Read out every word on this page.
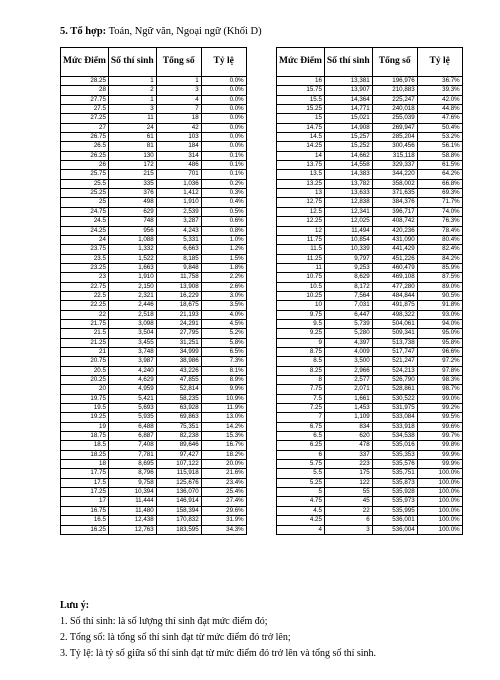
5. Tổ hợp: Toán, Ngữ văn, Ngoại ngữ (Khối D)
Mức Điểm	Số thí sinh	Tổng số	Tỷ lệ
28.25	1	1	0.0%
28	2	3	0.0%
27.75	1	4	0.0%
27.5	3	7	0.0%
27.25	11	18	0.0%
27	24	42	0.0%
26.75	61	103	0.0%
26.5	81	184	0.0%
26.25	130	314	0.1%
26	172	486	0.1%
25.75	215	701	0.1%
25.5	335	1,036	0.2%
25.25	376	1,412	0.3%
25	498	1,910	0.4%
24.75	629	2,539	0.5%
24.5	748	3,287	0.6%
24.25	956	4,243	0.8%
24	1,088	5,331	1.0%
23.75	1,332	6,663	1.2%
23.5	1,522	8,185	1.5%
23.25	1,663	9,848	1.8%
23	1,910	11,758	2.2%
22.75	2,150	13,908	2.6%
22.5	2,321	16,229	3.0%
22.25	2,446	18,675	3.5%
22	2,518	21,193	4.0%
21.75	3,098	24,291	4.5%
21.5	3,504	27,795	5.2%
21.25	3,455	31,251	5.8%
21	3,748	34,999	6.5%
20.75	3,987	38,986	7.3%
20.5	4,240	43,226	8.1%
20.25	4,629	47,855	8.9%
20	4,959	52,814	9.9%
19.75	5,421	58,235	10.9%
19.5	5,693	63,928	11.9%
19.25	5,935	69,863	13.0%
19	6,488	75,351	14.2%
18.75	6,887	82,238	15.3%
18.5	7,408	89,646	16.7%
18.25	7,781	97,427	18.2%
18	8,695	107,122	20.0%
17.75	8,796	115,918	21.6%
17.5	9,758	125,676	23.4%
17.25	10,394	136,070	25.4%
17	11,444	146,914	27.4%
16.75	11,480	158,394	29.6%
16.5	12,438	170,832	31.9%
16.25	12,763	183,595	34.3%
Mức Điểm	Số thí sinh	Tổng số	Tỷ lệ
16	13,381	196,976	36.7%
15.75	13,907	210,883	39.3%
15.5	14,364	225,247	42.0%
15.25	14,771	240,018	44.8%
15	15,021	255,039	47.6%
14.75	14,908	269,947	50.4%
14.5	15,257	285,204	53.2%
14.25	15,252	300,456	56.1%
14	14,662	315,118	58.8%
13.75	14,558	329,337	61.5%
13.5	14,383	344,220	64.2%
13.25	13,782	358,002	66.8%
13	13,633	371,635	69.3%
12.75	12,838	384,376	71.7%
12.5	12,341	396,717	74.0%
12.25	12,025	408,742	76.3%
12	11,494	420,236	78.4%
11.75	10,854	431,090	80.4%
11.5	10,339	441,429	82.4%
11.25	9,797	451,226	84.2%
11	9,253	460,479	85.9%
10.75	8,629	469,108	87.5%
10.5	8,172	477,280	89.0%
10.25	7,564	484,844	90.5%
10	7,031	491,875	91.8%
9.75	6,447	498,322	93.0%
9.5	5,739	504,061	94.0%
9.25	5,280	509,341	95.0%
9	4,397	513,738	95.8%
8.75	4,009	517,747	96.6%
8.5	3,500	521,247	97.2%
8.25	2,966	524,213	97.8%
8	2,577	526,790	98.3%
7.75	2,071	528,861	98.7%
7.5	1,661	530,522	99.0%
7.25	1,453	531,975	99.2%
7	1,109	533,084	99.5%
6.75	834	533,918	99.6%
6.5	620	534,538	99.7%
6.25	478	535,016	99.8%
6	337	535,353	99.9%
5.75	223	535,576	99.9%
5.5	175	535,751	100.0%
5.25	122	535,873	100.0%
5	55	535,928	100.0%
4.75	45	535,973	100.0%
4.5	22	535,995	100.0%
4.25	6	536,001	100.0%
4	3	536,004	100.0%
Lưu ý:
1. Số thí sinh: là số lượng thí sinh đạt mức điểm đó;
2. Tổng số: là tổng số thí sinh đạt từ mức điểm đó trở lên;
3. Tỷ lệ: là tỷ số giữa số thí sinh đạt từ mức điểm đó trở lên và tổng số thí sinh.
